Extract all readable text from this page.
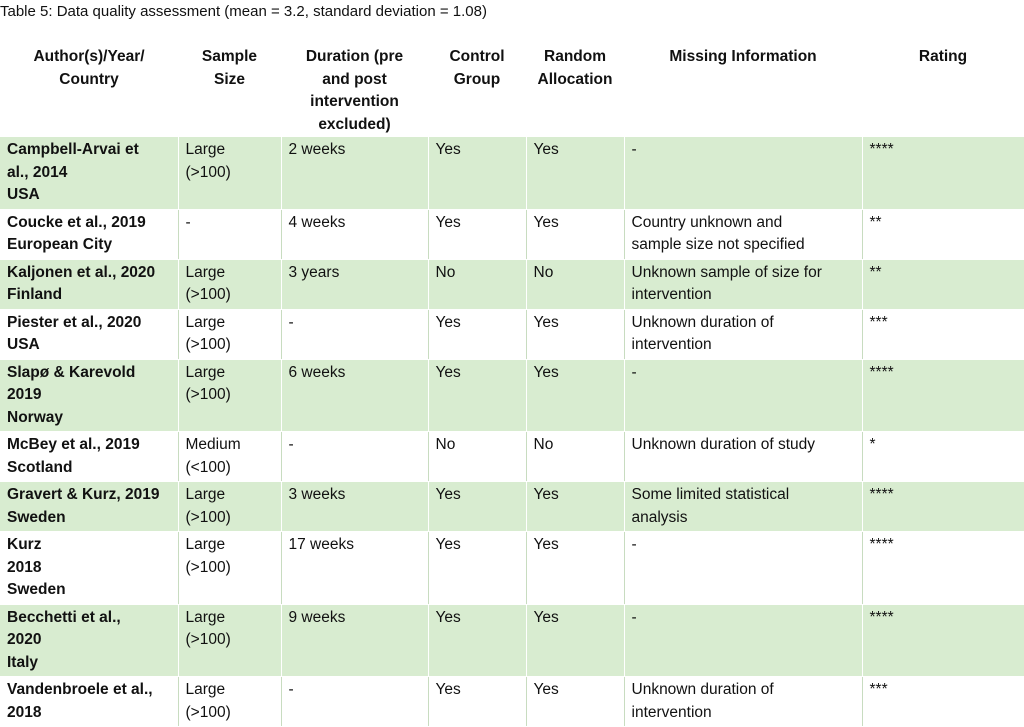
Table 5: Data quality assessment (mean = 3.2, standard deviation = 1.08)
Author(s)/Year/
Country	Sample
Size	Duration (pre
and post
intervention
excluded)	Control
Group	Random
Allocation	Missing Information	Rating

Campbell-Arvai et
al., 2014
USA	Large
(>100)	2 weeks	Yes	Yes	-	****

Coucke et al., 2019
European City	-	4 weeks	Yes	Yes	Country unknown and
sample size not specified	**

Kaljonen et al., 2020
Finland	Large
(>100)	3 years	No	No	Unknown sample of size for
intervention	**

Piester et al., 2020
USA	Large
(>100)	-	Yes	Yes	Unknown duration of
intervention	***

Slapø & Karevold
2019
Norway	Large
(>100)	6 weeks	Yes	Yes	-	****

McBey et al., 2019
Scotland	Medium
(<100)	-	No	No	Unknown duration of study	*

Gravert & Kurz, 2019
Sweden	Large
(>100)	3 weeks	Yes	Yes	Some limited statistical
analysis	****

Kurz
2018
Sweden	Large
(>100)	17 weeks	Yes	Yes	-	****

Becchetti et al.,
2020
Italy	Large
(>100)	9 weeks	Yes	Yes	-	****

Vandenbroele et al.,
2018	Large
(>100)	-	Yes	Yes	Unknown duration of
intervention	***
